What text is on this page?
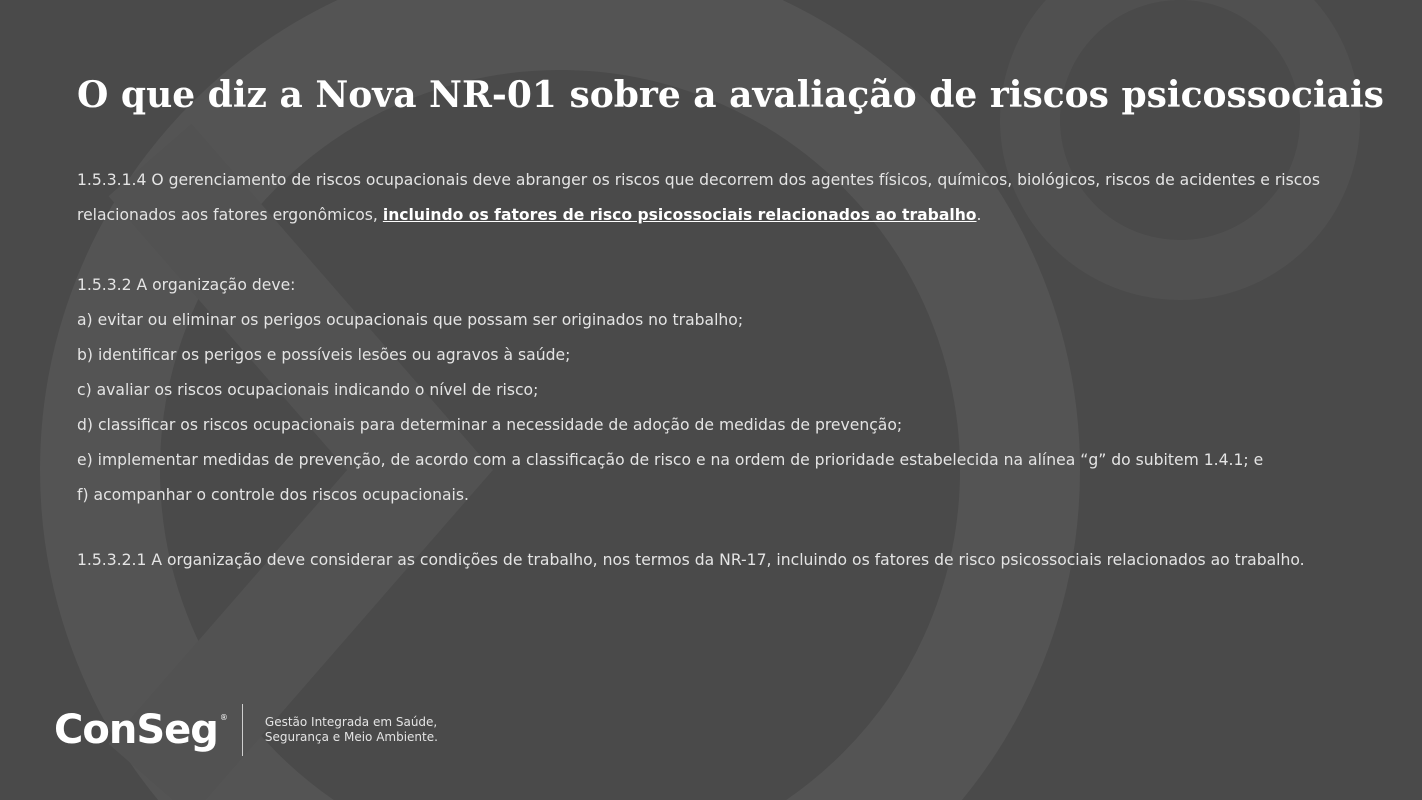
O que diz a Nova NR-01 sobre a avaliação de riscos psicossociais

1.5.3.1.4 O gerenciamento de riscos ocupacionais deve abranger os riscos que decorrem dos agentes físicos, químicos, biológicos, riscos de acidentes e riscos relacionados aos fatores ergonômicos, incluindo os fatores de risco psicossociais relacionados ao trabalho.

1.5.3.2 A organização deve:

a) evitar ou eliminar os perigos ocupacionais que possam ser originados no trabalho;

b) identificar os perigos e possíveis lesões ou agravos à saúde;

c) avaliar os riscos ocupacionais indicando o nível de risco;

d) classificar os riscos ocupacionais para determinar a necessidade de adoção de medidas de prevenção;

e) implementar medidas de prevenção, de acordo com a classificação de risco e na ordem de prioridade estabelecida na alínea “g” do subitem 1.4.1; e

f) acompanhar o controle dos riscos ocupacionais.

1.5.3.2.1 A organização deve considerar as condições de trabalho, nos termos da NR-17, incluindo os fatores de risco psicossociais relacionados ao trabalho.

ConSeg ®	Gestão Integrada em Saúde,
Segurança e Meio Ambiente.
